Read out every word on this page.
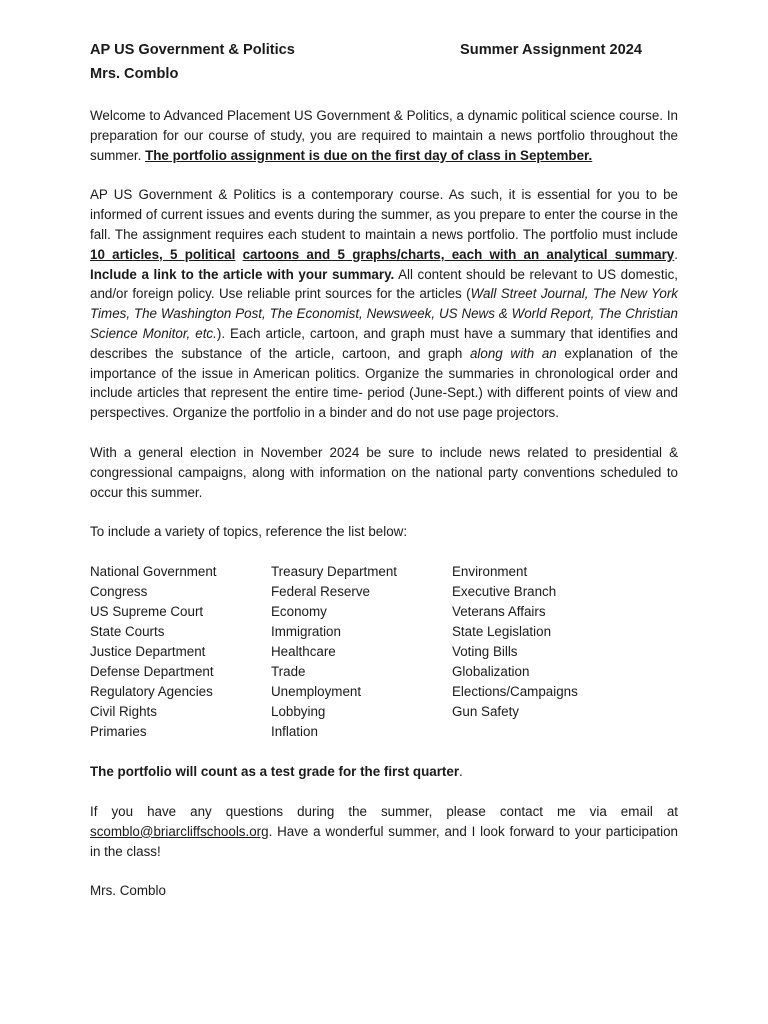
AP US Government & Politics	Summer Assignment 2024
Mrs. Comblo

Welcome to Advanced Placement US Government & Politics, a dynamic political science course. In preparation for our course of study, you are required to maintain a news portfolio throughout the summer. The portfolio assignment is due on the first day of class in September.

AP US Government & Politics is a contemporary course. As such, it is essential for you to be informed of current issues and events during the summer, as you prepare to enter the course in the fall. The assignment requires each student to maintain a news portfolio. The portfolio must include 10 articles, 5 political cartoons and 5 graphs/charts, each with an analytical summary. Include a link to the article with your summary. All content should be relevant to US domestic, and/or foreign policy. Use reliable print sources for the articles (Wall Street Journal, The New York Times, The Washington Post, The Economist, Newsweek, US News & World Report, The Christian Science Monitor, etc.). Each article, cartoon, and graph must have a summary that identifies and describes the substance of the article, cartoon, and graph along with an explanation of the importance of the issue in American politics. Organize the summaries in chronological order and include articles that represent the entire time- period (June-Sept.) with different points of view and perspectives. Organize the portfolio in a binder and do not use page projectors.

With a general election in November 2024 be sure to include news related to presidential & congressional campaigns, along with information on the national party conventions scheduled to occur this summer.

To include a variety of topics, reference the list below:

National Government
Congress
US Supreme Court
State Courts
Justice Department
Defense Department
Regulatory Agencies
Civil Rights
Primaries
Treasury Department
Federal Reserve
Economy
Immigration
Healthcare
Trade
Unemployment
Lobbying
Inflation
Environment
Executive Branch
Veterans Affairs
State Legislation
Voting Bills
Globalization
Elections/Campaigns
Gun Safety

The portfolio will count as a test grade for the first quarter.

If you have any questions during the summer, please contact me via email at scomblo@briarcliffschools.org. Have a wonderful summer, and I look forward to your participation in the class!

Mrs. Comblo
